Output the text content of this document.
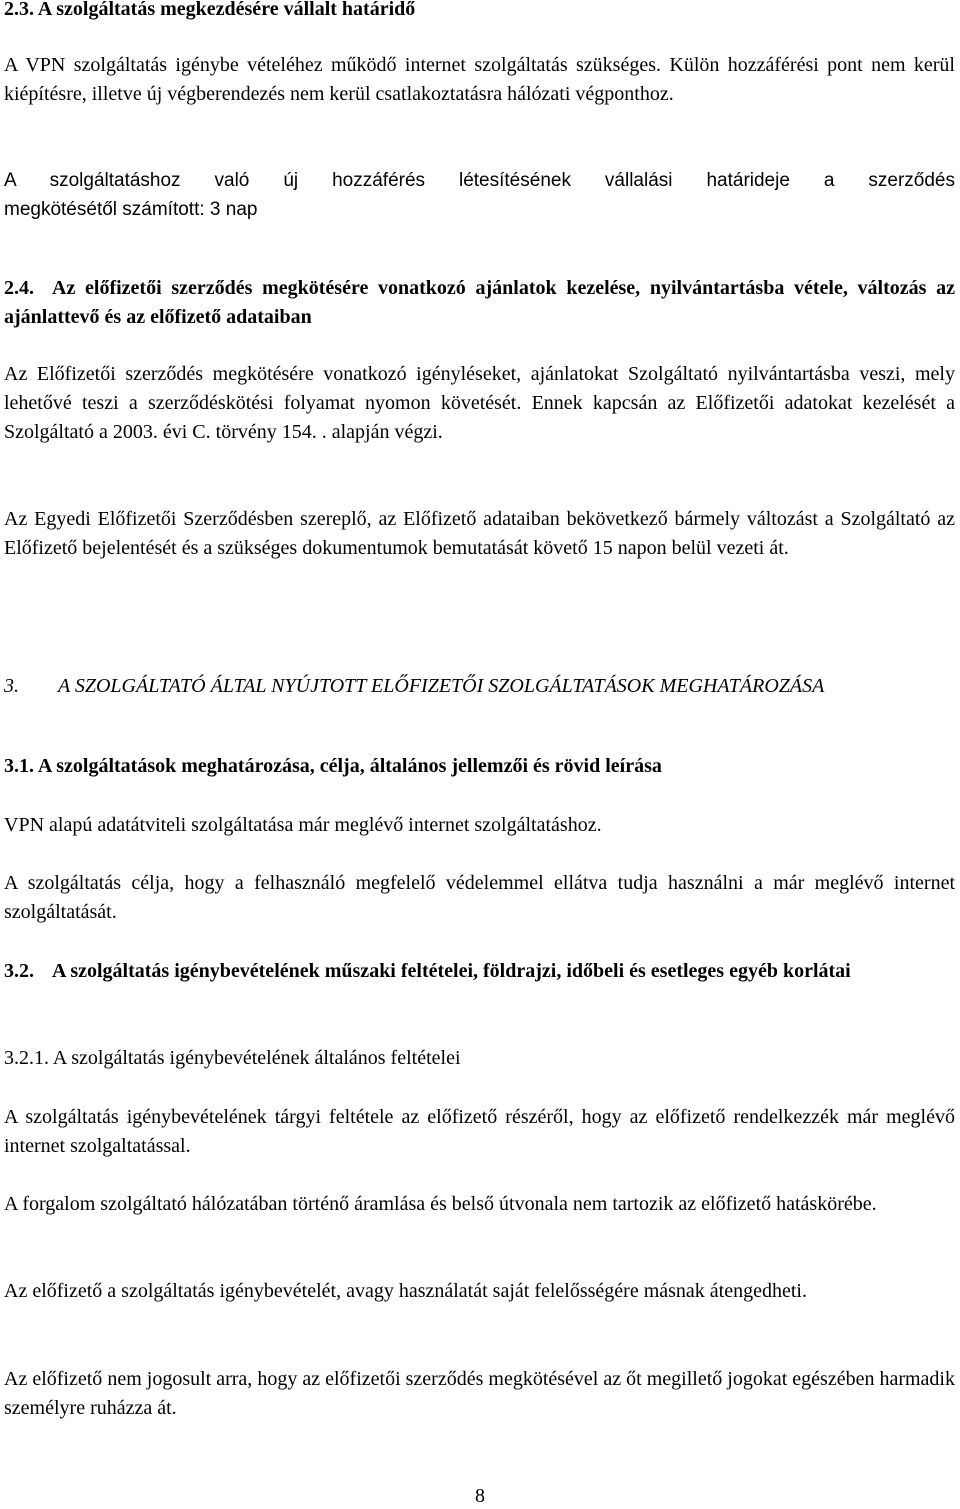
2.3. A szolgáltatás megkezdésére vállalt határidő

A VPN szolgáltatás igénybe vételéhez működő internet szolgáltatás szükséges. Külön hozzáférési pont nem kerül kiépítésre, illetve új végberendezés nem kerül csatlakoztatásra hálózati végponthoz.

A szolgáltatáshoz való új hozzáférés létesítésének vállalási határideje a szerződés
megkötésétől számított: 3 nap

2.4. Az előfizetői szerződés megkötésére vonatkozó ajánlatok kezelése, nyilvántartásba vétele, változás az ajánlattevő és az előfizető adataiban

Az Előfizetői szerződés megkötésére vonatkozó igényléseket, ajánlatokat Szolgáltató nyilvántartásba veszi, mely lehetővé teszi a szerződéskötési folyamat nyomon követését. Ennek kapcsán az Előfizetői adatokat kezelését a Szolgáltató a 2003. évi C. törvény 154. . alapján végzi.

Az Egyedi Előfizetői Szerződésben szereplő, az Előfizető adataiban bekövetkező bármely változást a Szolgáltató az Előfizető bejelentését és a szükséges dokumentumok bemutatását követő 15 napon belül vezeti át.

3.	A SZOLGÁLTATÓ ÁLTAL NYÚJTOTT ELŐFIZETŐI SZOLGÁLTATÁSOK MEGHATÁROZÁSA
3.1. A szolgáltatások meghatározása, célja, általános jellemzői és rövid leírása

VPN alapú adatátviteli szolgáltatása már meglévő internet szolgáltatáshoz.

A szolgáltatás célja, hogy a felhasználó megfelelő védelemmel ellátva tudja használni a már meglévő internet szolgáltatását.

3.2. A szolgáltatás igénybevételének műszaki feltételei, földrajzi, időbeli és esetleges egyéb korlátai

3.2.1. A szolgáltatás igénybevételének általános feltételei

A szolgáltatás igénybevételének tárgyi feltétele az előfizető részéről, hogy az előfizető rendelkezzék már meglévő internet szolgaltatással.

A forgalom szolgáltató hálózatában történő áramlása és belső útvonala nem tartozik az előfizető hatáskörébe.

Az előfizető a szolgáltatás igénybevételét, avagy használatát saját felelősségére másnak átengedheti.

Az előfizető nem jogosult arra, hogy az előfizetői szerződés megkötésével az őt megillető jogokat egészében harmadik személyre ruházza át.

8
